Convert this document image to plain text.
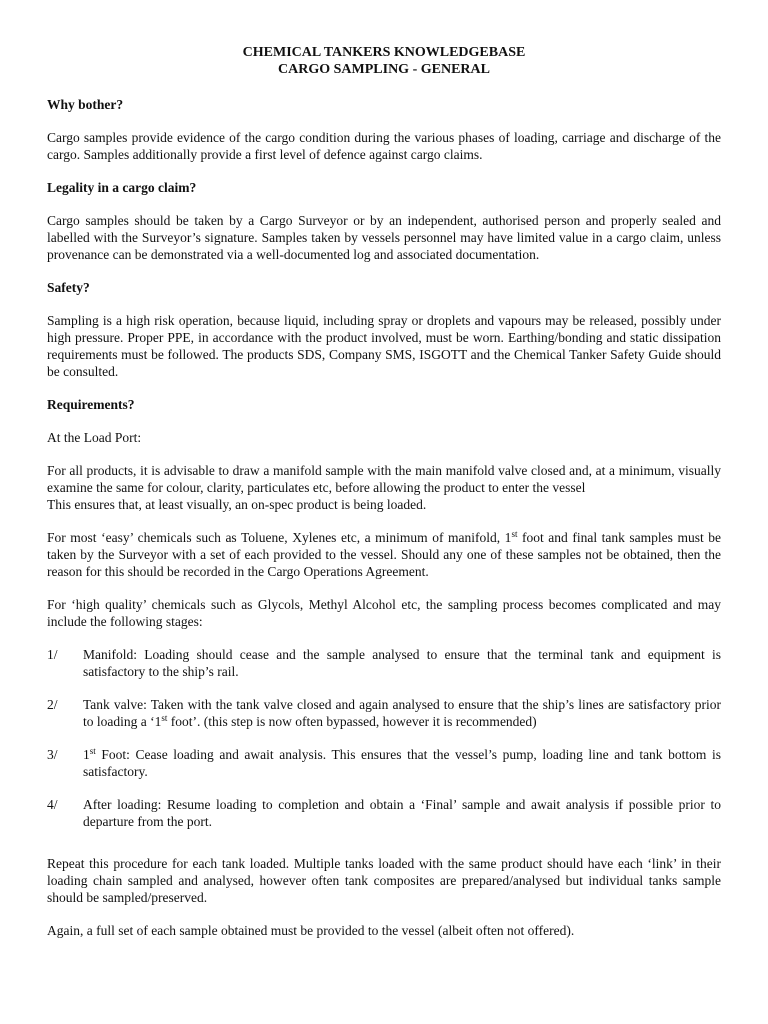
CHEMICAL TANKERS KNOWLEDGEBASE

CARGO SAMPLING - GENERAL

Why bother?

Cargo samples provide evidence of the cargo condition during the various phases of loading, carriage and discharge of the cargo. Samples additionally provide a first level of defence against cargo claims.

Legality in a cargo claim?

Cargo samples should be taken by a Cargo Surveyor or by an independent, authorised person and properly sealed and labelled with the Surveyor’s signature. Samples taken by vessels personnel may have limited value in a cargo claim, unless provenance can be demonstrated via a well-documented log and associated documentation.

Safety?

Sampling is a high risk operation, because liquid, including spray or droplets and vapours may be released, possibly under high pressure. Proper PPE, in accordance with the product involved, must be worn. Earthing/bonding and static dissipation requirements must be followed. The products SDS, Company SMS, ISGOTT and the Chemical Tanker Safety Guide should be consulted.

Requirements?

At the Load Port:

For all products, it is advisable to draw a manifold sample with the main manifold valve closed and, at a minimum, visually examine the same for colour, clarity, particulates etc, before allowing the product to enter the vessel

This ensures that, at least visually, an on-spec product is being loaded.

For most ‘easy’ chemicals such as Toluene, Xylenes etc, a minimum of manifold, 1st foot and final tank samples must be taken by the Surveyor with a set of each provided to the vessel. Should any one of these samples not be obtained, then the reason for this should be recorded in the Cargo Operations Agreement.

For ‘high quality’ chemicals such as Glycols, Methyl Alcohol etc, the sampling process becomes complicated and may include the following stages:

1/	Manifold: Loading should cease and the sample analysed to ensure that the terminal tank and equipment is satisfactory to the ship’s rail.
2/	Tank valve: Taken with the tank valve closed and again analysed to ensure that the ship’s lines are satisfactory prior to loading a ‘1st foot’. (this step is now often bypassed, however it is recommended)
3/	1st Foot: Cease loading and await analysis. This ensures that the vessel’s pump, loading line and tank bottom is satisfactory.
4/	After loading: Resume loading to completion and obtain a ‘Final’ sample and await analysis if possible prior to departure from the port.

Repeat this procedure for each tank loaded. Multiple tanks loaded with the same product should have each ‘link’ in their loading chain sampled and analysed, however often tank composites are prepared/analysed but individual tanks sample should be sampled/preserved.

Again, a full set of each sample obtained must be provided to the vessel (albeit often not offered).
